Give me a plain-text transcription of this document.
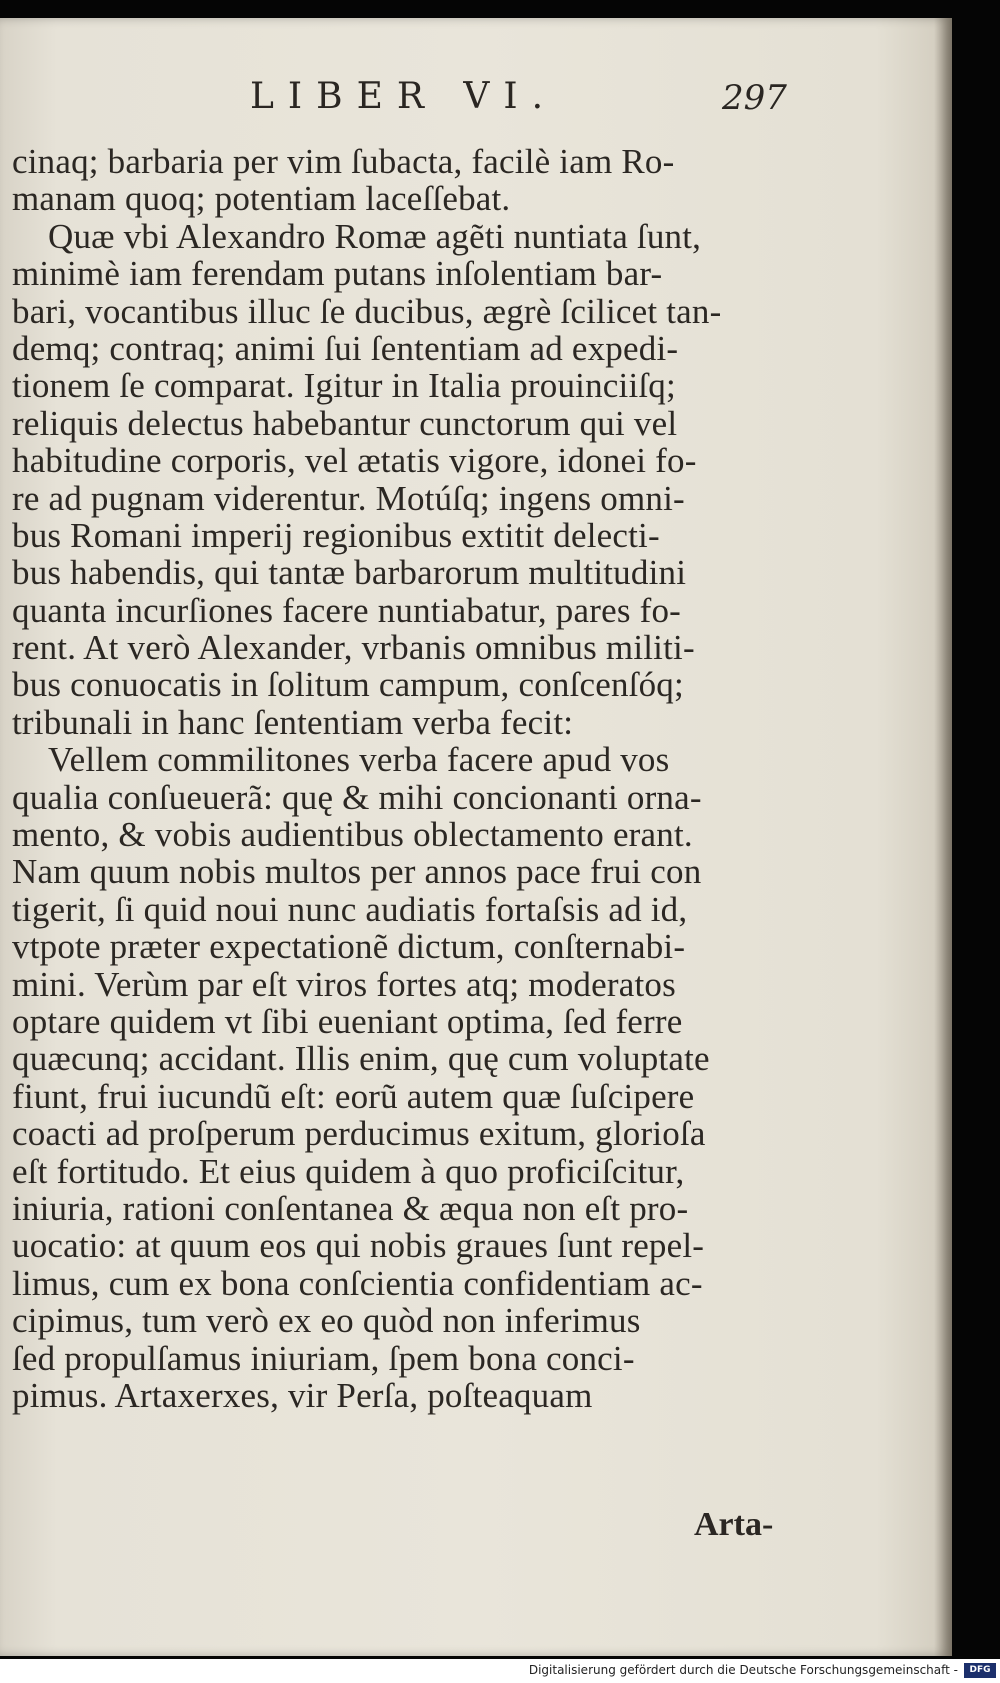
LIBER VI.	297
cinaq; barbaria per vim ſubacta, facilè iam Ro-
manam quoq; potentiam laceſſebat.
Quæ vbi Alexandro Romæ agẽti nuntiata ſunt,
minimè iam ferendam putans inſolentiam bar-
bari, vocantibus illuc ſe ducibus, ægrè ſcilicet tan-
demq; contraq; animi ſui ſententiam ad expedi-
tionem ſe comparat. Igitur in Italia prouinciiſq;
reliquis delectus habebantur cunctorum qui vel
habitudine corporis, vel ætatis vigore, idonei fo-
re ad pugnam viderentur. Motúſq; ingens omni-
bus Romani imperij regionibus extitit delecti-
bus habendis, qui tantæ barbarorum multitudini
quanta incurſiones facere nuntiabatur, pares fo-
rent. At verò Alexander, vrbanis omnibus militi-
bus conuocatis in ſolitum campum, conſcenſóq;
tribunali in hanc ſententiam verba fecit:
Vellem commilitones verba facere apud vos
qualia conſueuerã: quę & mihi concionanti orna-
mento, & vobis audientibus oblectamento erant.
Nam quum nobis multos per annos pace frui con
tigerit, ſi quid noui nunc audiatis fortaſsis ad id,
vtpote præter expectationẽ dictum, conſternabi-
mini. Verùm par eſt viros fortes atq; moderatos
optare quidem vt ſibi eueniant optima, ſed ferre
quæcunq; accidant. Illis enim, quę cum voluptate
fiunt, frui iucundũ eſt: eorũ autem quæ ſuſcipere
coacti ad proſperum perducimus exitum, glorioſa
eſt fortitudo. Et eius quidem à quo proficiſcitur,
iniuria, rationi conſentanea & æqua non eſt pro-
uocatio: at quum eos qui nobis graues ſunt repel-
limus, cum ex bona conſcientia confidentiam ac-
cipimus, tum verò ex eo quòd non inferimus
ſed propulſamus iniuriam, ſpem bona conci-
pimus. Artaxerxes, vir Perſa, poſteaquam
Arta-
Digitalisierung gefördert durch die Deutsche Forschungsgemeinschaft -	DFG
